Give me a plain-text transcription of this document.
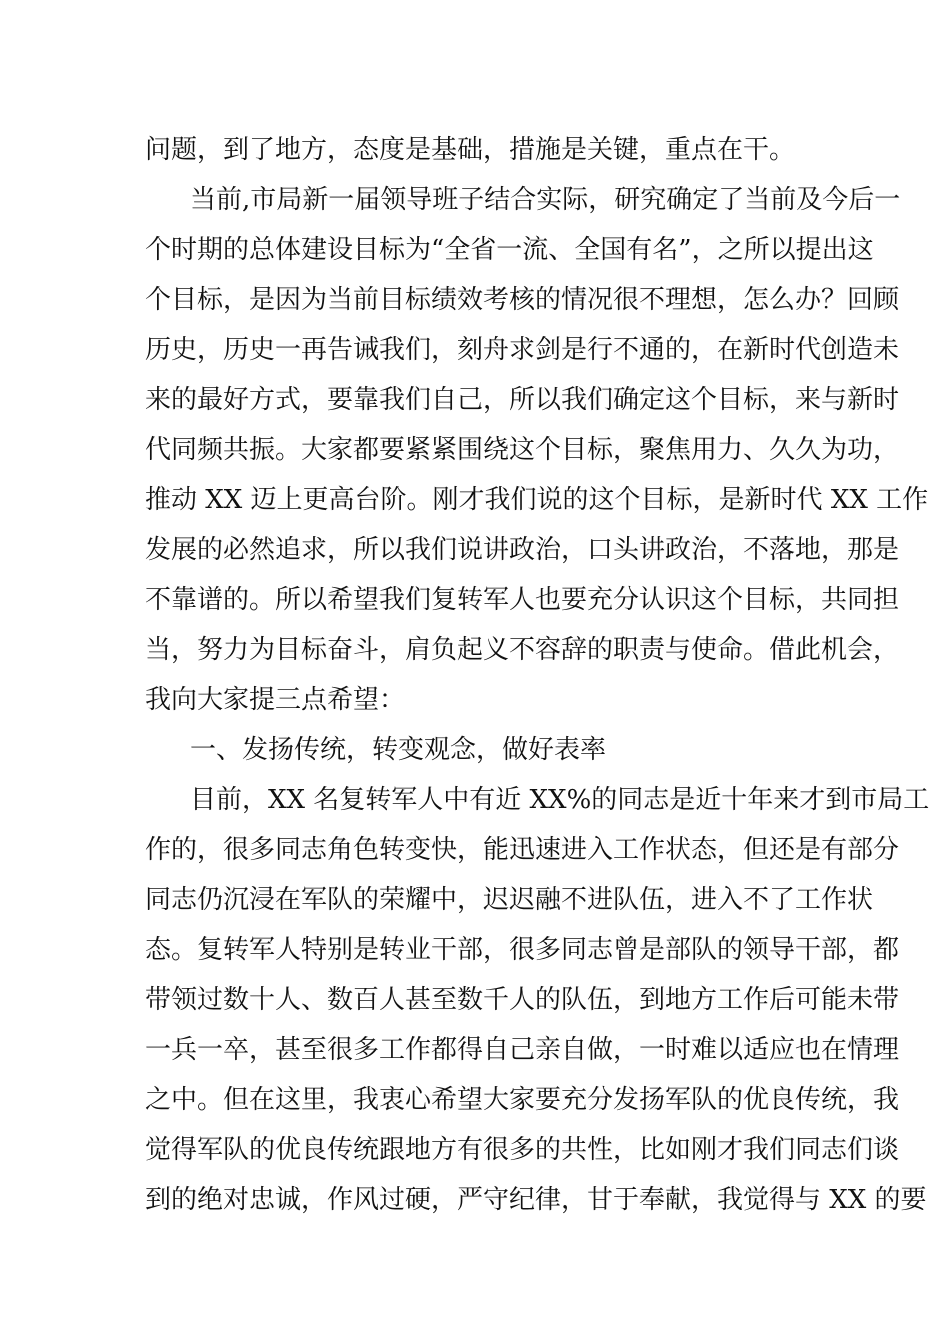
问题，到了地方，态度是基础，措施是关键，重点在干。
当前,市局新一届领导班子结合实际，研究确定了当前及今后一
个时期的总体建设目标为“全省一流、全国有名”，之所以提出这
个目标，是因为当前目标绩效考核的情况很不理想，怎么办？回顾
历史，历史一再告诫我们，刻舟求剑是行不通的，在新时代创造未
来的最好方式，要靠我们自己，所以我们确定这个目标，来与新时
代同频共振。大家都要紧紧围绕这个目标，聚焦用力、久久为功，
推动 XX 迈上更高台阶。刚才我们说的这个目标，是新时代 XX 工作
发展的必然追求，所以我们说讲政治，口头讲政治，不落地，那是
不靠谱的。所以希望我们复转军人也要充分认识这个目标，共同担
当，努力为目标奋斗，肩负起义不容辞的职责与使命。借此机会，
我向大家提三点希望：
一、发扬传统，转变观念，做好表率
目前，XX 名复转军人中有近 XX%的同志是近十年来才到市局工
作的，很多同志角色转变快，能迅速进入工作状态，但还是有部分
同志仍沉浸在军队的荣耀中，迟迟融不进队伍，进入不了工作状
态。复转军人特别是转业干部，很多同志曾是部队的领导干部，都
带领过数十人、数百人甚至数千人的队伍，到地方工作后可能未带
一兵一卒，甚至很多工作都得自己亲自做，一时难以适应也在情理
之中。但在这里，我衷心希望大家要充分发扬军队的优良传统，我
觉得军队的优良传统跟地方有很多的共性，比如刚才我们同志们谈
到的绝对忠诚，作风过硬，严守纪律，甘于奉献，我觉得与 XX 的要
